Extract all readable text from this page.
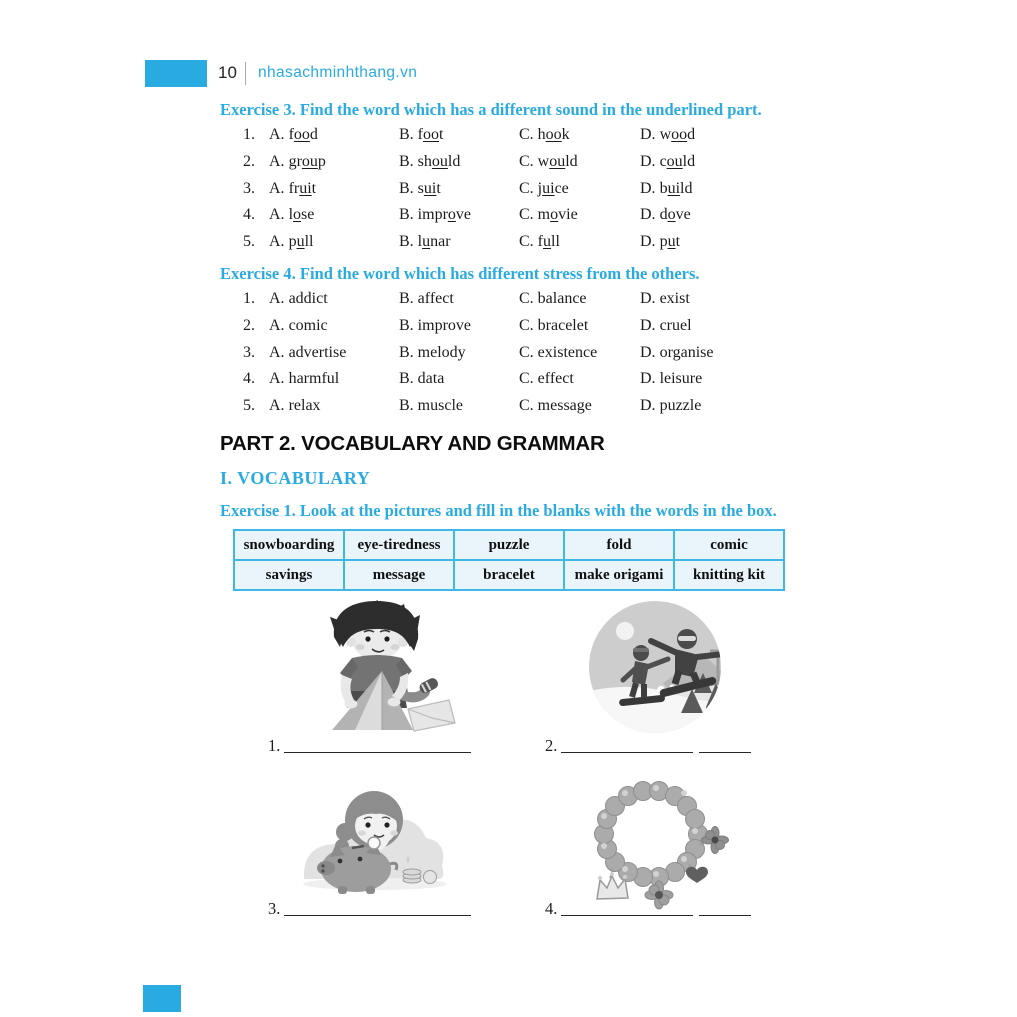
10 nhasachminhthang.vn
Exercise 3. Find the word which has a different sound in the underlined part.
1. A. food	B. foot	C. hook	D. wood
2. A. group	B. should	C. would	D. could
3. A. fruit	B. suit	C. juice	D. build
4. A. lose	B. improve	C. movie	D. dove
5. A. pull	B. lunar	C. full	D. put
Exercise 4. Find the word which has different stress from the others.
1. A. addict	B. affect	C. balance	D. exist
2. A. comic	B. improve	C. bracelet	D. cruel
3. A. advertise	B. melody	C. existence	D. organise
4. A. harmful	B. data	C. effect	D. leisure
5. A. relax	B. muscle	C. message	D. puzzle
PART 2. VOCABULARY AND GRAMMAR
I. VOCABULARY
Exercise 1. Look at the pictures and fill in the blanks with the words in the box.
snowboarding	eye-tiredness	puzzle	fold	comic
savings	message	bracelet	make origami	knitting kit
1.	2.
3.	4.
